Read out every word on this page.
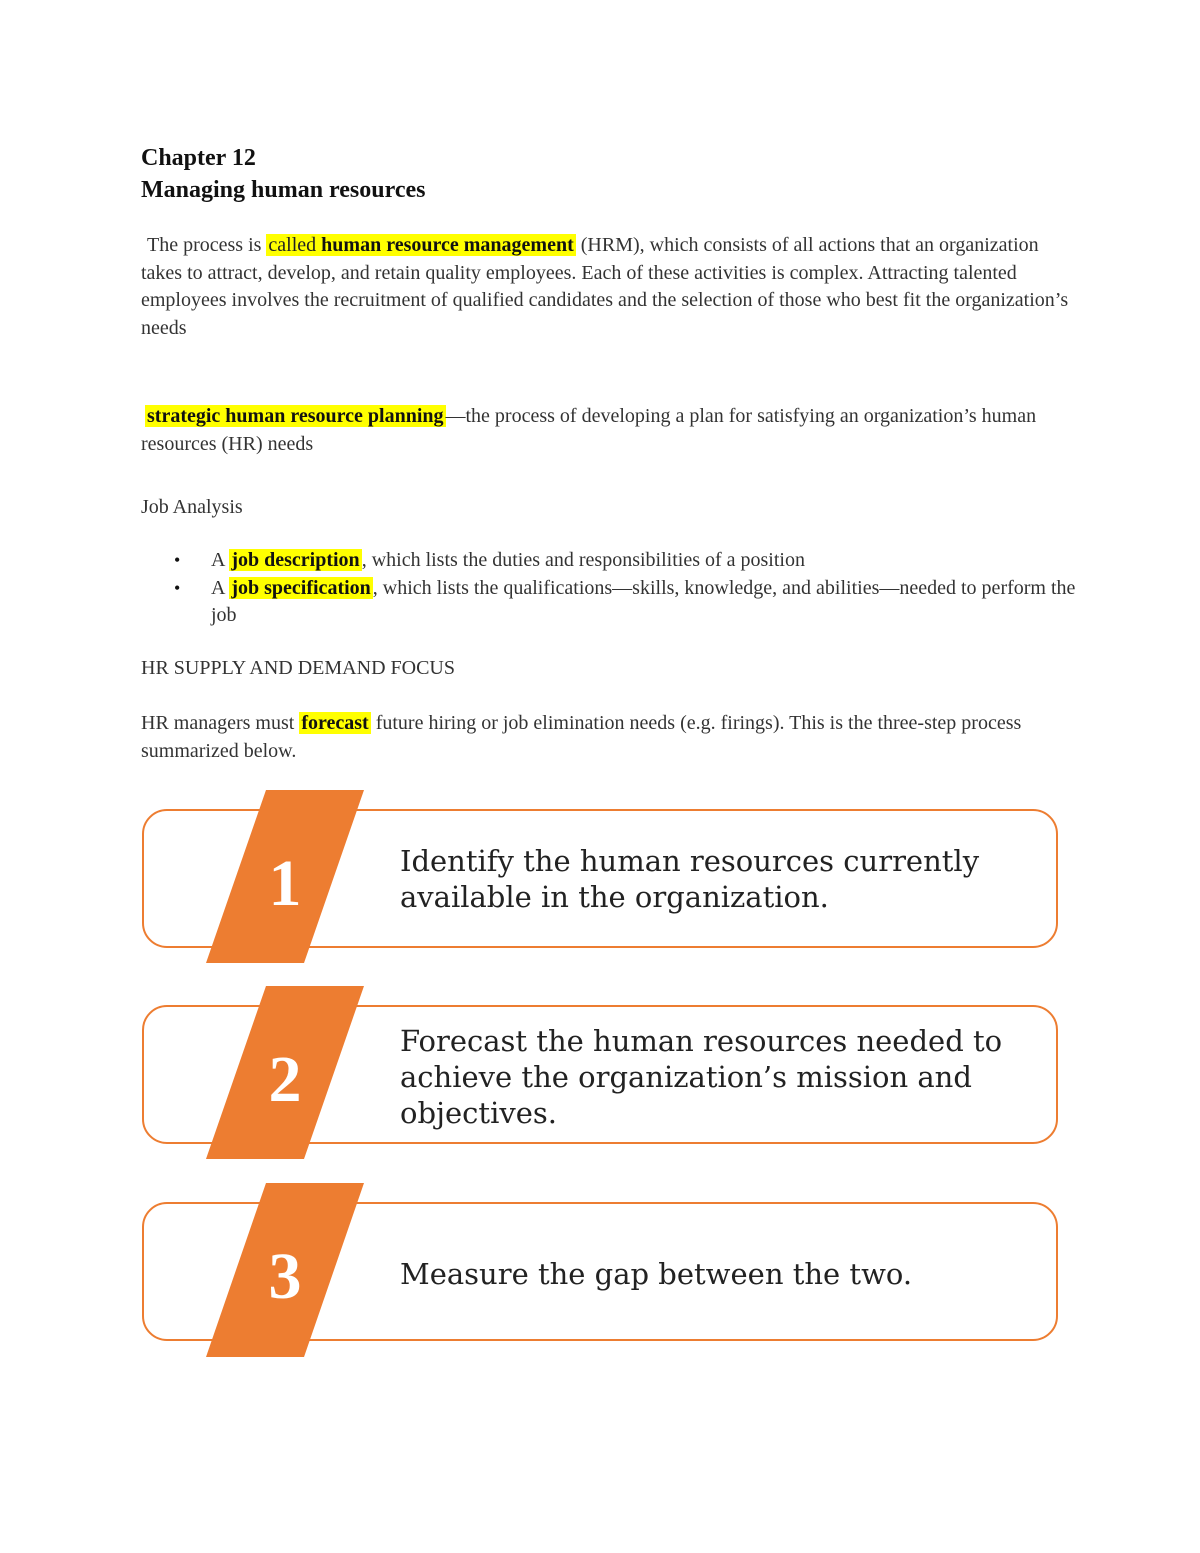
Chapter 12
Managing human resources
The process is called human resource management (HRM), which consists of all actions that an organization takes to attract, develop, and retain quality employees. Each of these activities is complex. Attracting talented employees involves the recruitment of qualified candidates and the selection of those who best fit the organization’s needs
strategic human resource planning —the process of developing a plan for satisfying an organization’s human resources (HR) needs
Job Analysis
• A job description , which lists the duties and responsibilities of a position
• A job specification , which lists the qualifications—skills, knowledge, and abilities—needed to perform the job
HR SUPPLY AND DEMAND FOCUS
HR managers must forecast future hiring or job elimination needs (e.g. firings). This is the three-step process summarized below.
1	Identify the human resources currently available in the organization.
2
Forecast the human resources needed to achieve the organization’s mission and objectives.
3	Measure the gap between the two.
